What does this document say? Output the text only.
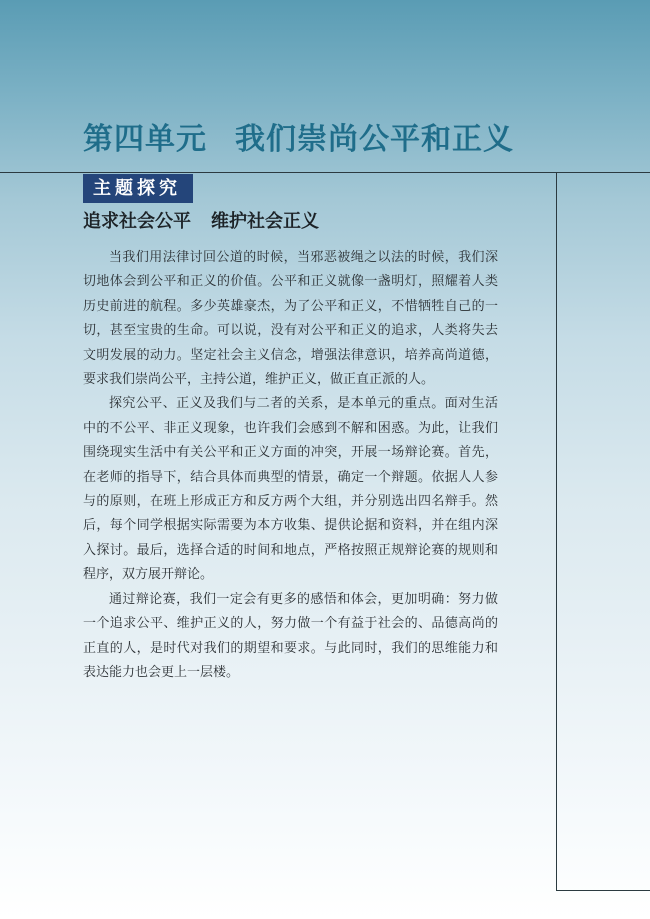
第四单元 我们崇尚公平和正义
主题探究
追求社会公平 维护社会正义

当我们用法律讨回公道的时候，当邪恶被绳之以法的时候，我们深切地体会到公平和正义的价值。公平和正义就像一盏明灯，照耀着人类历史前进的航程。多少英雄豪杰，为了公平和正义，不惜牺牲自己的一切，甚至宝贵的生命。可以说，没有对公平和正义的追求，人类将失去文明发展的动力。坚定社会主义信念，增强法律意识，培养高尚道德，要求我们崇尚公平，主持公道，维护正义，做正直正派的人。

探究公平、正义及我们与二者的关系，是本单元的重点。面对生活中的不公平、非正义现象，也许我们会感到不解和困惑。为此，让我们围绕现实生活中有关公平和正义方面的冲突，开展一场辩论赛。首先，在老师的指导下，结合具体而典型的情景，确定一个辩题。依据人人参与的原则，在班上形成正方和反方两个大组，并分别选出四名辩手。然后，每个同学根据实际需要为本方收集、提供论据和资料，并在组内深入探讨。最后，选择合适的时间和地点，严格按照正规辩论赛的规则和程序，双方展开辩论。

通过辩论赛，我们一定会有更多的感悟和体会，更加明确：努力做一个追求公平、维护正义的人，努力做一个有益于社会的、品德高尚的正直的人，是时代对我们的期望和要求。与此同时，我们的思维能力和表达能力也会更上一层楼。
